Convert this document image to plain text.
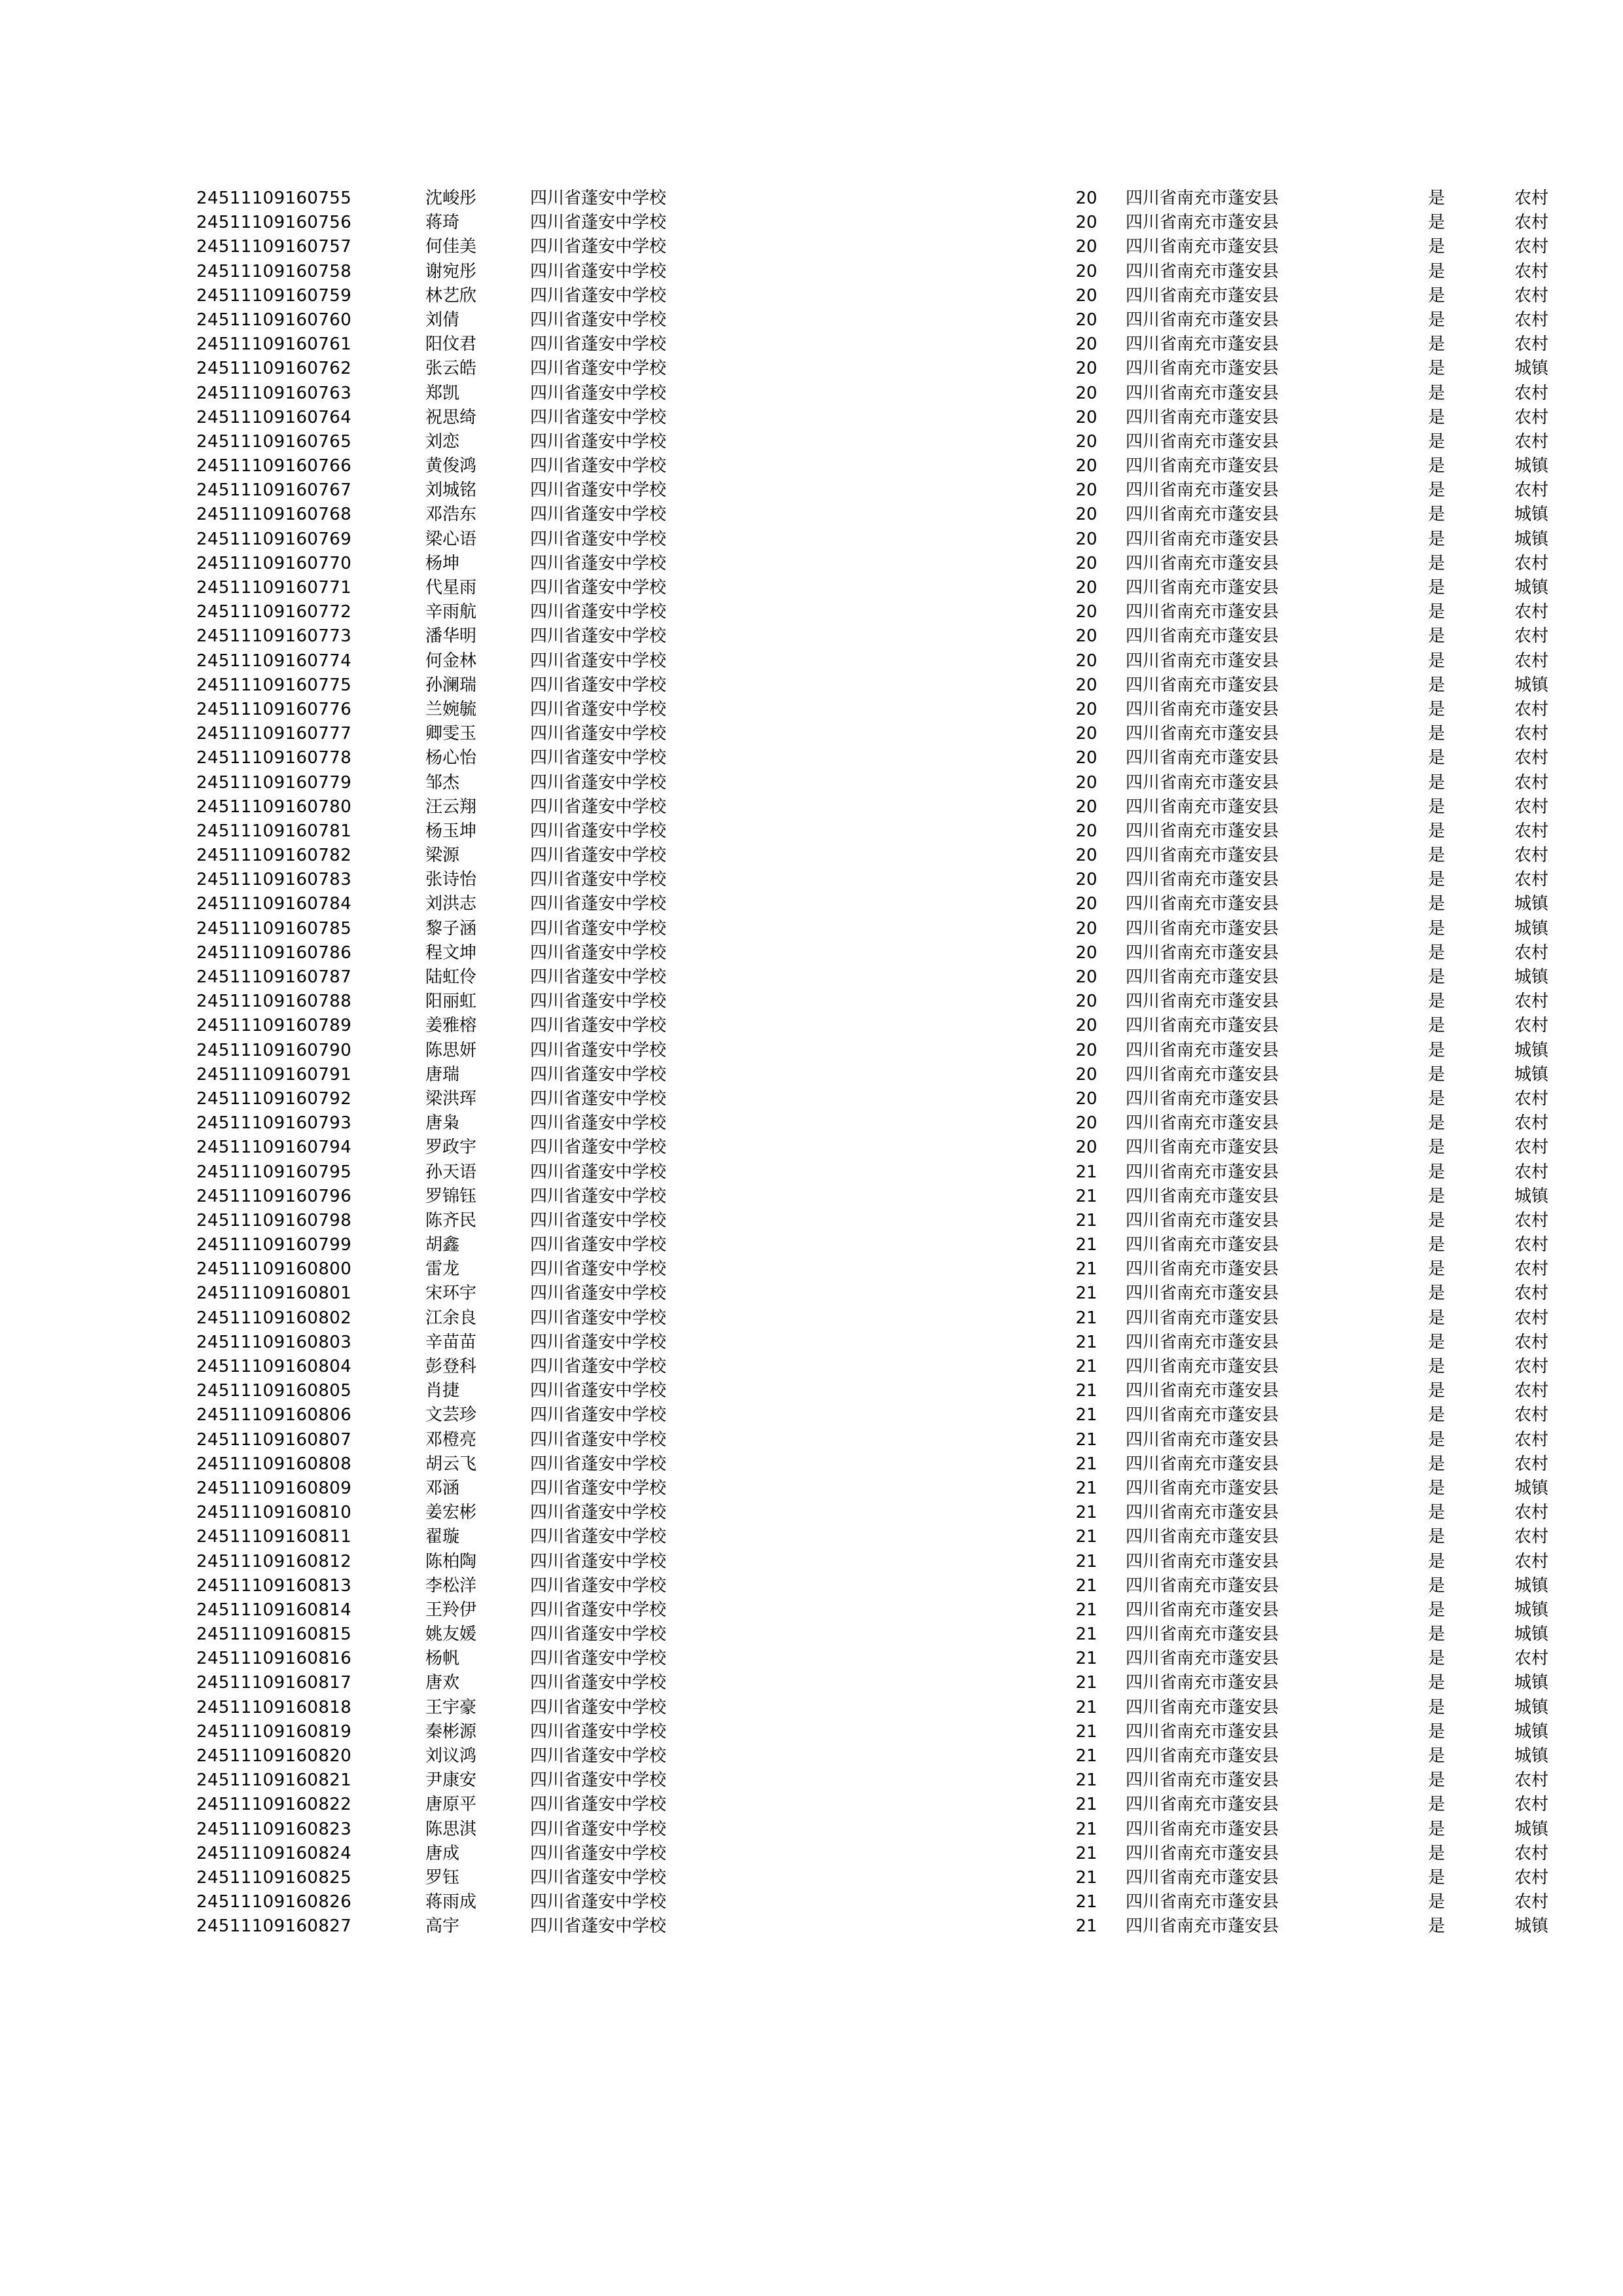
24511109160755	沈峻彤	四川省蓬安中学校	20	四川省南充市蓬安县	是	农村
24511109160756	蒋琦	四川省蓬安中学校	20	四川省南充市蓬安县	是	农村
24511109160757	何佳美	四川省蓬安中学校	20	四川省南充市蓬安县	是	农村
24511109160758	谢宛彤	四川省蓬安中学校	20	四川省南充市蓬安县	是	农村
24511109160759	林艺欣	四川省蓬安中学校	20	四川省南充市蓬安县	是	农村
24511109160760	刘倩	四川省蓬安中学校	20	四川省南充市蓬安县	是	农村
24511109160761	阳伩君	四川省蓬安中学校	20	四川省南充市蓬安县	是	农村
24511109160762	张云皓	四川省蓬安中学校	20	四川省南充市蓬安县	是	城镇
24511109160763	郑凯	四川省蓬安中学校	20	四川省南充市蓬安县	是	农村
24511109160764	祝思绮	四川省蓬安中学校	20	四川省南充市蓬安县	是	农村
24511109160765	刘恋	四川省蓬安中学校	20	四川省南充市蓬安县	是	农村
24511109160766	黄俊鸿	四川省蓬安中学校	20	四川省南充市蓬安县	是	城镇
24511109160767	刘城铭	四川省蓬安中学校	20	四川省南充市蓬安县	是	农村
24511109160768	邓浩东	四川省蓬安中学校	20	四川省南充市蓬安县	是	城镇
24511109160769	梁心语	四川省蓬安中学校	20	四川省南充市蓬安县	是	城镇
24511109160770	杨坤	四川省蓬安中学校	20	四川省南充市蓬安县	是	农村
24511109160771	代星雨	四川省蓬安中学校	20	四川省南充市蓬安县	是	城镇
24511109160772	辛雨航	四川省蓬安中学校	20	四川省南充市蓬安县	是	农村
24511109160773	潘华明	四川省蓬安中学校	20	四川省南充市蓬安县	是	农村
24511109160774	何金林	四川省蓬安中学校	20	四川省南充市蓬安县	是	农村
24511109160775	孙澜瑞	四川省蓬安中学校	20	四川省南充市蓬安县	是	城镇
24511109160776	兰婉毓	四川省蓬安中学校	20	四川省南充市蓬安县	是	农村
24511109160777	卿雯玉	四川省蓬安中学校	20	四川省南充市蓬安县	是	农村
24511109160778	杨心怡	四川省蓬安中学校	20	四川省南充市蓬安县	是	农村
24511109160779	邹杰	四川省蓬安中学校	20	四川省南充市蓬安县	是	农村
24511109160780	汪云翔	四川省蓬安中学校	20	四川省南充市蓬安县	是	农村
24511109160781	杨玉坤	四川省蓬安中学校	20	四川省南充市蓬安县	是	农村
24511109160782	梁源	四川省蓬安中学校	20	四川省南充市蓬安县	是	农村
24511109160783	张诗怡	四川省蓬安中学校	20	四川省南充市蓬安县	是	农村
24511109160784	刘洪志	四川省蓬安中学校	20	四川省南充市蓬安县	是	城镇
24511109160785	黎子涵	四川省蓬安中学校	20	四川省南充市蓬安县	是	城镇
24511109160786	程文坤	四川省蓬安中学校	20	四川省南充市蓬安县	是	农村
24511109160787	陆虹伶	四川省蓬安中学校	20	四川省南充市蓬安县	是	城镇
24511109160788	阳丽虹	四川省蓬安中学校	20	四川省南充市蓬安县	是	农村
24511109160789	姜雅榕	四川省蓬安中学校	20	四川省南充市蓬安县	是	农村
24511109160790	陈思妍	四川省蓬安中学校	20	四川省南充市蓬安县	是	城镇
24511109160791	唐瑞	四川省蓬安中学校	20	四川省南充市蓬安县	是	城镇
24511109160792	梁洪珲	四川省蓬安中学校	20	四川省南充市蓬安县	是	农村
24511109160793	唐枭	四川省蓬安中学校	20	四川省南充市蓬安县	是	农村
24511109160794	罗政宇	四川省蓬安中学校	20	四川省南充市蓬安县	是	农村
24511109160795	孙天语	四川省蓬安中学校	21	四川省南充市蓬安县	是	农村
24511109160796	罗锦钰	四川省蓬安中学校	21	四川省南充市蓬安县	是	城镇
24511109160798	陈齐民	四川省蓬安中学校	21	四川省南充市蓬安县	是	农村
24511109160799	胡鑫	四川省蓬安中学校	21	四川省南充市蓬安县	是	农村
24511109160800	雷龙	四川省蓬安中学校	21	四川省南充市蓬安县	是	农村
24511109160801	宋环宇	四川省蓬安中学校	21	四川省南充市蓬安县	是	农村
24511109160802	江余良	四川省蓬安中学校	21	四川省南充市蓬安县	是	农村
24511109160803	辛苗苗	四川省蓬安中学校	21	四川省南充市蓬安县	是	农村
24511109160804	彭登科	四川省蓬安中学校	21	四川省南充市蓬安县	是	农村
24511109160805	肖捷	四川省蓬安中学校	21	四川省南充市蓬安县	是	农村
24511109160806	文芸珍	四川省蓬安中学校	21	四川省南充市蓬安县	是	农村
24511109160807	邓橙亮	四川省蓬安中学校	21	四川省南充市蓬安县	是	农村
24511109160808	胡云飞	四川省蓬安中学校	21	四川省南充市蓬安县	是	农村
24511109160809	邓涵	四川省蓬安中学校	21	四川省南充市蓬安县	是	城镇
24511109160810	姜宏彬	四川省蓬安中学校	21	四川省南充市蓬安县	是	农村
24511109160811	翟璇	四川省蓬安中学校	21	四川省南充市蓬安县	是	农村
24511109160812	陈柏陶	四川省蓬安中学校	21	四川省南充市蓬安县	是	农村
24511109160813	李松洋	四川省蓬安中学校	21	四川省南充市蓬安县	是	城镇
24511109160814	王羚伊	四川省蓬安中学校	21	四川省南充市蓬安县	是	城镇
24511109160815	姚友媛	四川省蓬安中学校	21	四川省南充市蓬安县	是	城镇
24511109160816	杨帆	四川省蓬安中学校	21	四川省南充市蓬安县	是	农村
24511109160817	唐欢	四川省蓬安中学校	21	四川省南充市蓬安县	是	城镇
24511109160818	王宇豪	四川省蓬安中学校	21	四川省南充市蓬安县	是	城镇
24511109160819	秦彬源	四川省蓬安中学校	21	四川省南充市蓬安县	是	城镇
24511109160820	刘议鸿	四川省蓬安中学校	21	四川省南充市蓬安县	是	城镇
24511109160821	尹康安	四川省蓬安中学校	21	四川省南充市蓬安县	是	农村
24511109160822	唐原平	四川省蓬安中学校	21	四川省南充市蓬安县	是	农村
24511109160823	陈思淇	四川省蓬安中学校	21	四川省南充市蓬安县	是	城镇
24511109160824	唐成	四川省蓬安中学校	21	四川省南充市蓬安县	是	农村
24511109160825	罗钰	四川省蓬安中学校	21	四川省南充市蓬安县	是	农村
24511109160826	蒋雨成	四川省蓬安中学校	21	四川省南充市蓬安县	是	农村
24511109160827	高宇	四川省蓬安中学校	21	四川省南充市蓬安县	是	城镇
